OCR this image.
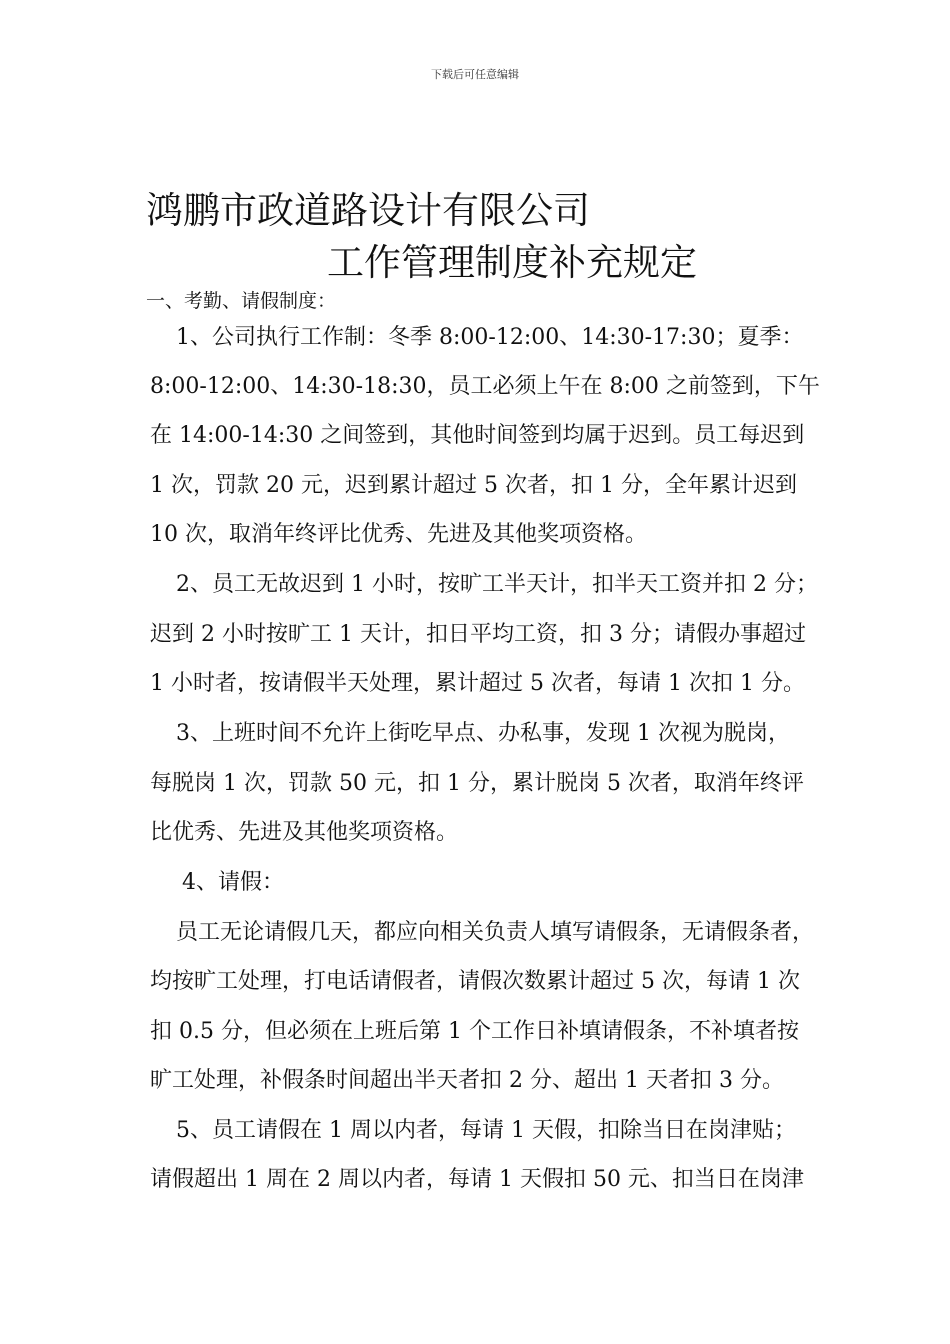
下载后可任意编辑
鸿鹏市政道路设计有限公司
工作管理制度补充规定
一、考勤、请假制度：
1、公司执行工作制：冬季 8:00-12:00、14:30-17:30；夏季：
8:00-12:00、14:30-18:30，员工必须上午在 8:00 之前签到，下午
在 14:00-14:30 之间签到，其他时间签到均属于迟到。员工每迟到
1 次，罚款 20 元，迟到累计超过 5 次者，扣 1 分，全年累计迟到
10 次，取消年终评比优秀、先进及其他奖项资格。
2、员工无故迟到 1 小时，按旷工半天计，扣半天工资并扣 2 分；
迟到 2 小时按旷工 1 天计，扣日平均工资，扣 3 分；请假办事超过
1 小时者，按请假半天处理，累计超过 5 次者，每请 1 次扣 1 分。
3、上班时间不允许上街吃早点、办私事，发现 1 次视为脱岗，
每脱岗 1 次，罚款 50 元，扣 1 分，累计脱岗 5 次者，取消年终评
比优秀、先进及其他奖项资格。
4、请假：
员工无论请假几天，都应向相关负责人填写请假条，无请假条者，
均按旷工处理，打电话请假者，请假次数累计超过 5 次，每请 1 次
扣 0.5 分，但必须在上班后第 1 个工作日补填请假条，不补填者按
旷工处理，补假条时间超出半天者扣 2 分、超出 1 天者扣 3 分。
5、员工请假在 1 周以内者，每请 1 天假，扣除当日在岗津贴；
请假超出 1 周在 2 周以内者，每请 1 天假扣 50 元、扣当日在岗津
